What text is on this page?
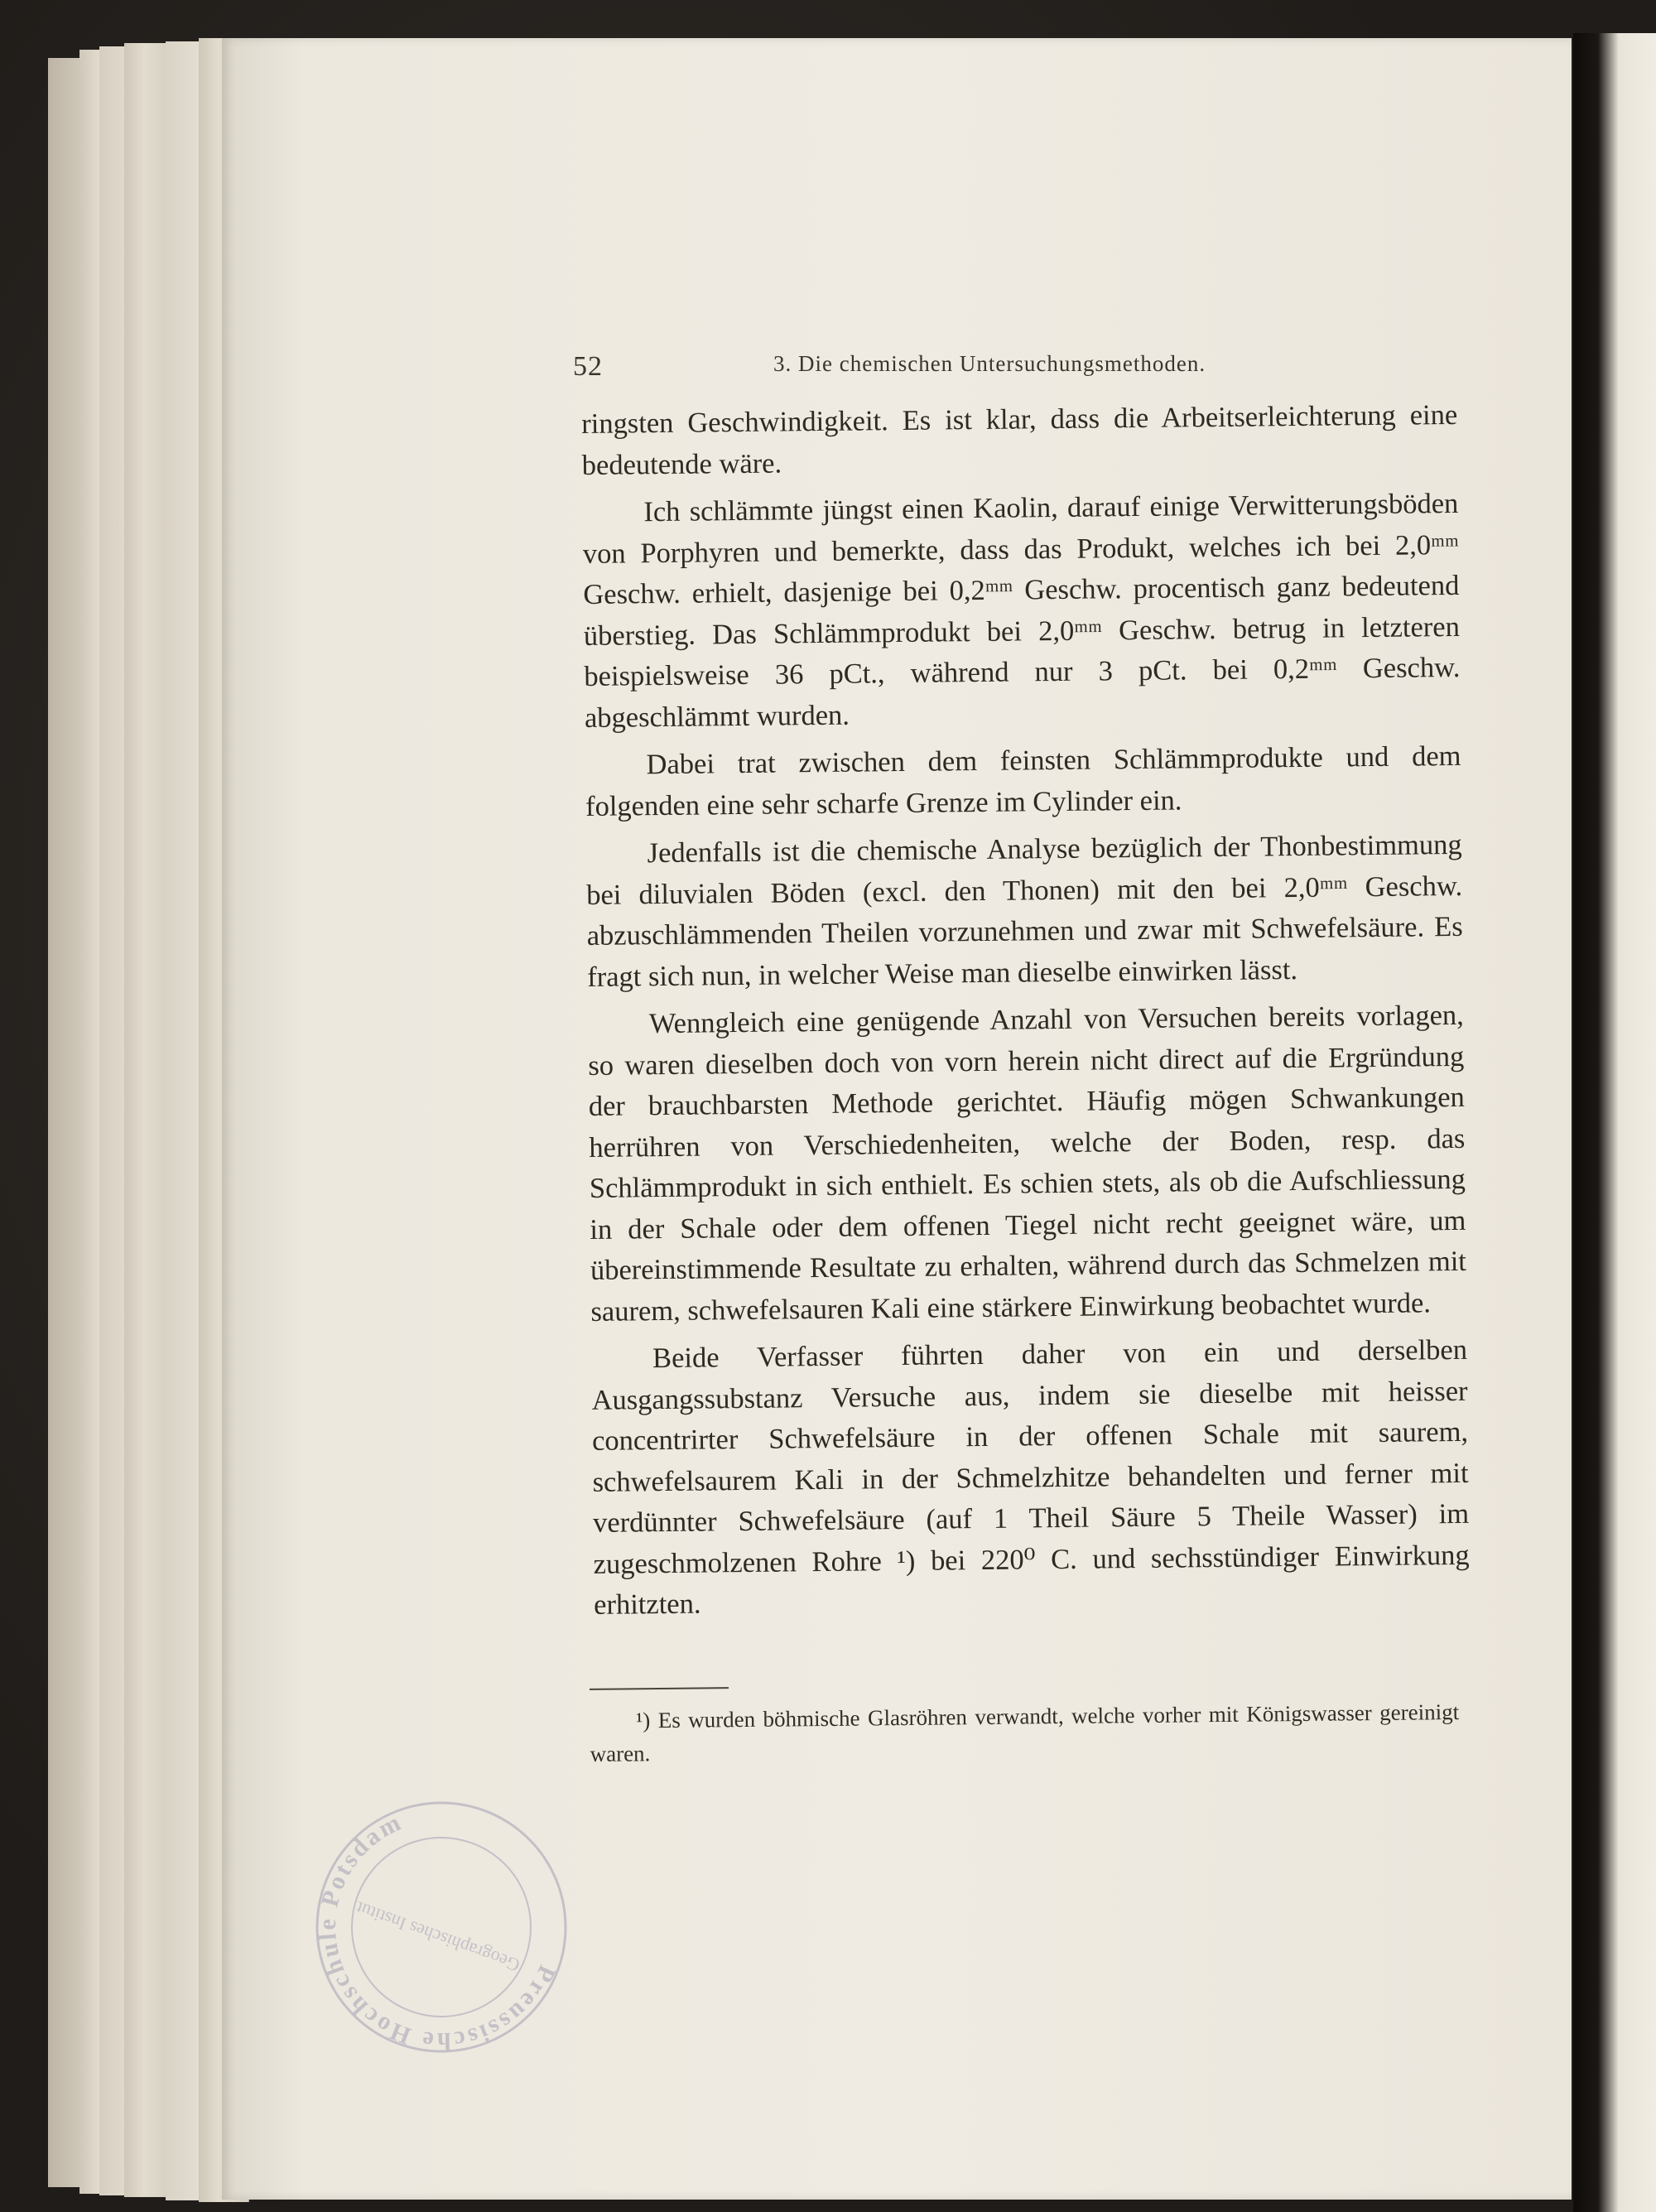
52	3. Die chemischen Untersuchungsmethoden.

ringsten Geschwindigkeit. Es ist klar, dass die Arbeitserleichterung eine bedeutende wäre.

Ich schlämmte jüngst einen Kaolin, darauf einige Verwitterungsböden von Porphyren und bemerkte, dass das Produkt, welches ich bei 2,0ᵐᵐ Geschw. erhielt, dasjenige bei 0,2ᵐᵐ Geschw. procentisch ganz bedeutend überstieg. Das Schlämmprodukt bei 2,0ᵐᵐ Geschw. betrug in letzteren beispielsweise 36 pCt., während nur 3 pCt. bei 0,2ᵐᵐ Geschw. abgeschlämmt wurden.

Dabei trat zwischen dem feinsten Schlämmprodukte und dem folgenden eine sehr scharfe Grenze im Cylinder ein.

Jedenfalls ist die chemische Analyse bezüglich der Thonbestimmung bei diluvialen Böden (excl. den Thonen) mit den bei 2,0ᵐᵐ Geschw. abzuschlämmenden Theilen vorzunehmen und zwar mit Schwefelsäure. Es fragt sich nun, in welcher Weise man dieselbe einwirken lässt.

Wenngleich eine genügende Anzahl von Versuchen bereits vorlagen, so waren dieselben doch von vorn herein nicht direct auf die Ergründung der brauchbarsten Methode gerichtet. Häufig mögen Schwankungen herrühren von Verschiedenheiten, welche der Boden, resp. das Schlämmprodukt in sich enthielt. Es schien stets, als ob die Aufschliessung in der Schale oder dem offenen Tiegel nicht recht geeignet wäre, um übereinstimmende Resultate zu erhalten, während durch das Schmelzen mit saurem, schwefelsauren Kali eine stärkere Einwirkung beobachtet wurde.

Beide Verfasser führten daher von ein und derselben Ausgangssubstanz Versuche aus, indem sie dieselbe mit heisser concentrirter Schwefelsäure in der offenen Schale mit saurem, schwefelsaurem Kali in der Schmelzhitze behandelten und ferner mit verdünnter Schwefelsäure (auf 1 Theil Säure 5 Theile Wasser) im zugeschmolzenen Rohre ¹) bei 220⁰ C. und sechsstündiger Einwirkung erhitzten.

¹) Es wurden böhmische Glasröhren verwandt, welche vorher mit Königswasser gereinigt waren.
Preussische Hochschule Potsdam
Geographisches Institut
